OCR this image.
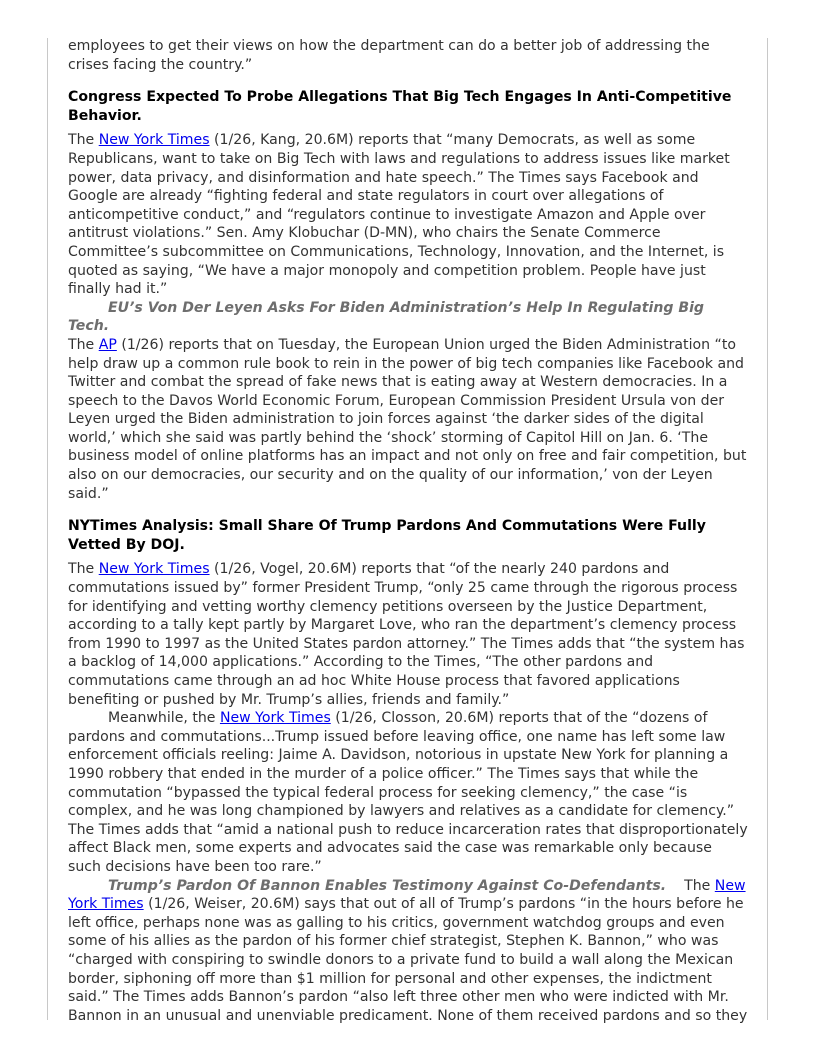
employees to get their views on how the department can do a better job of addressing the crises facing the country.”

Congress Expected To Probe Allegations That Big Tech Engages In Anti-Competitive Behavior.

The New York Times (1/26, Kang, 20.6M) reports that “many Democrats, as well as some Republicans, want to take on Big Tech with laws and regulations to address issues like market power, data privacy, and disinformation and hate speech.” The Times says Facebook and Google are already “fighting federal and state regulators in court over allegations of anticompetitive conduct,” and “regulators continue to investigate Amazon and Apple over antitrust violations.” Sen. Amy Klobuchar (D-MN), who chairs the Senate Commerce Committee’s subcommittee on Communications, Technology, Innovation, and the Internet, is quoted as saying, “We have a major monopoly and competition problem. People have just finally had it.”

EU’s Von Der Leyen Asks For Biden Administration’s Help In Regulating Big Tech.
The AP (1/26) reports that on Tuesday, the European Union urged the Biden Administration “to help draw up a common rule book to rein in the power of big tech companies like Facebook and Twitter and combat the spread of fake news that is eating away at Western democracies. In a speech to the Davos World Economic Forum, European Commission President Ursula von der Leyen urged the Biden administration to join forces against ‘the darker sides of the digital world,’ which she said was partly behind the ‘shock’ storming of Capitol Hill on Jan. 6. ‘The business model of online platforms has an impact and not only on free and fair competition, but also on our democracies, our security and on the quality of our information,’ von der Leyen said.”

NYTimes Analysis: Small Share Of Trump Pardons And Commutations Were Fully Vetted By DOJ.

The New York Times (1/26, Vogel, 20.6M) reports that “of the nearly 240 pardons and commutations issued by” former President Trump, “only 25 came through the rigorous process for identifying and vetting worthy clemency petitions overseen by the Justice Department, according to a tally kept partly by Margaret Love, who ran the department’s clemency process from 1990 to 1997 as the United States pardon attorney.” The Times adds that “the system has a backlog of 14,000 applications.” According to the Times, “The other pardons and commutations came through an ad hoc White House process that favored applications benefiting or pushed by Mr. Trump’s allies, friends and family.”

Meanwhile, the New York Times (1/26, Closson, 20.6M) reports that of the “dozens of pardons and commutations...Trump issued before leaving office, one name has left some law enforcement officials reeling: Jaime A. Davidson, notorious in upstate New York for planning a 1990 robbery that ended in the murder of a police officer.” The Times says that while the commutation “bypassed the typical federal process for seeking clemency,” the case “is complex, and he was long championed by lawyers and relatives as a candidate for clemency.” The Times adds that “amid a national push to reduce incarceration rates that disproportionately affect Black men, some experts and advocates said the case was remarkable only because such decisions have been too rare.”

Trump’s Pardon Of Bannon Enables Testimony Against Co-Defendants. The New York Times (1/26, Weiser, 20.6M) says that out of all of Trump’s pardons “in the hours before he left office, perhaps none was as galling to his critics, government watchdog groups and even some of his allies as the pardon of his former chief strategist, Stephen K. Bannon,” who was “charged with conspiring to swindle donors to a private fund to build a wall along the Mexican border, siphoning off more than $1 million for personal and other expenses, the indictment said.” The Times adds Bannon’s pardon “also left three other men who were indicted with Mr. Bannon in an unusual and unenviable predicament. None of them received pardons and so they
